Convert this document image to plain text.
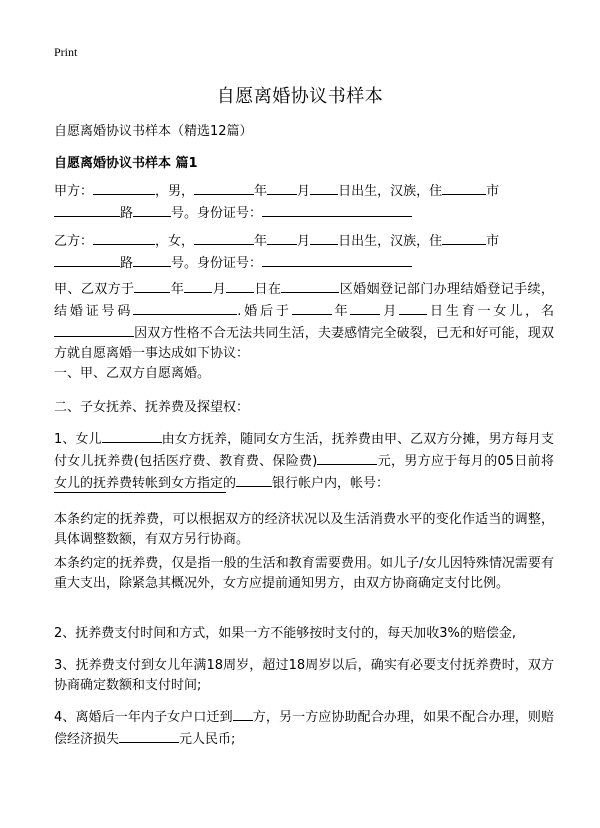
Print
自愿离婚协议书样本
自愿离婚协议书样本（精选12篇）
自愿离婚协议书样本 篇1
甲方：	，男，	年 月 日出生，汉族，住	市
路	号。身份证号：
乙方：	，女，	年 月 日出生，汉族，住	市
路	号。身份证号：
甲、乙双方于	年 月 日在	区婚姻登记部门办理结婚登记手续，结婚证号码	.婚后于	年 月 日生育一女儿，名因双方性格不合无法共同生活，夫妻感情完全破裂，已无和好可能，现双方就自愿离婚一事达成如下协议：
一、甲、乙双方自愿离婚。
二、子女抚养、抚养费及探望权：
1、女儿	由女方抚养，随同女方生活，抚养费由甲、乙双方分摊，男方每月支付女儿抚养费(包括医疗费、教育费、保险费)	元，男方应于每月的05日前将女儿的抚养费转帐到女方指定的	银行帐户内，帐号：
本条约定的抚养费，可以根据双方的经济状况以及生活消费水平的变化作适当的调整，具体调整数额，有双方另行协商。
本条约定的抚养费，仅是指一般的生活和教育需要费用。如儿子/女儿因特殊情况需要有重大支出，除紧急其概况外，女方应提前通知男方，由双方协商确定支付比例。
2、抚养费支付时间和方式，如果一方不能够按时支付的，每天加收3%的赔偿金,
3、抚养费支付到女儿年满18周岁，超过18周岁以后，确实有必要支付抚养费时，双方协商确定数额和支付时间;
4、离婚后一年内子女户口迁到 方，另一方应协助配合办理，如果不配合办理，则赔偿经济损失	元人民币;
